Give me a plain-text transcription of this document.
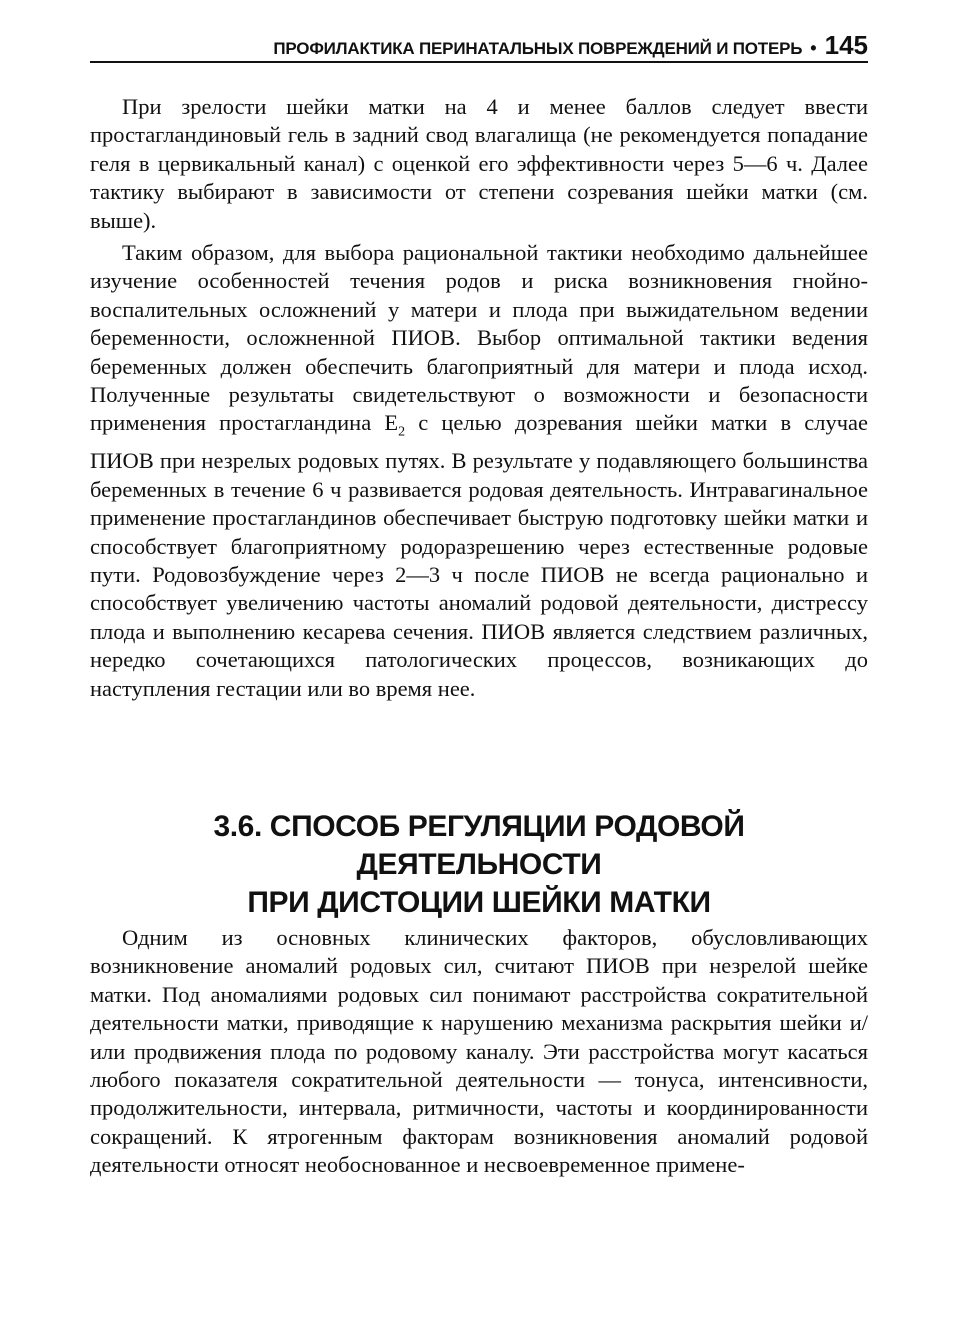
ПРОФИЛАКТИКА ПЕРИНАТАЛЬНЫХ ПОВРЕЖДЕНИЙ И ПОТЕРЬ • 145

При зрелости шейки матки на 4 и менее баллов следует ввести простагландиновый гель в задний свод влагалища (не рекомендуется попадание геля в цервикальный канал) с оценкой его эффективности через 5—6 ч. Далее тактику выбирают в зависимости от степени созревания шейки матки (см. выше).

Таким образом, для выбора рациональной тактики необходимо дальнейшее изучение особенностей течения родов и риска возникновения гнойно-воспалительных осложнений у матери и плода при выжидательном ведении беременности, осложненной ПИОВ. Выбор оптимальной тактики ведения беременных должен обеспечить благоприятный для матери и плода исход. Полученные результаты свидетельствуют о возможности и безопасности применения простагландина $E_2$ с целью дозревания шейки матки в случае ПИОВ при незрелых родовых путях. В результате у подавляющего большинства беременных в течение 6 ч развивается родовая деятельность. Интравагинальное применение простагландинов обеспечивает быструю подготовку шейки матки и способствует благоприятному родоразрешению через естественные родовые пути. Родовозбуждение через 2—3 ч после ПИОВ не всегда рационально и способствует увеличению частоты аномалий родовой деятельности, дистрессу плода и выполнению кесарева сечения. ПИОВ является следствием различных, нередко сочетающихся патологических процессов, возникающих до наступления гестации или во время нее.

3.6. СПОСОБ РЕГУЛЯЦИИ РОДОВОЙ ДЕЯТЕЛЬНОСТИ
ПРИ ДИСТОЦИИ ШЕЙКИ МАТКИ

Одним из основных клинических факторов, обусловливающих возникновение аномалий родовых сил, считают ПИОВ при незрелой шейке матки. Под аномалиями родовых сил понимают расстройства сократительной деятельности матки, приводящие к нарушению механизма раскрытия шейки и/или продвижения плода по родовому каналу. Эти расстройства могут касаться любого показателя сократительной деятельности — тонуса, интенсивности, продолжительности, интервала, ритмичности, частоты и координированности сокращений. К ятрогенным факторам возникновения аномалий родовой деятельности относят необоснованное и несвоевременное примене-
